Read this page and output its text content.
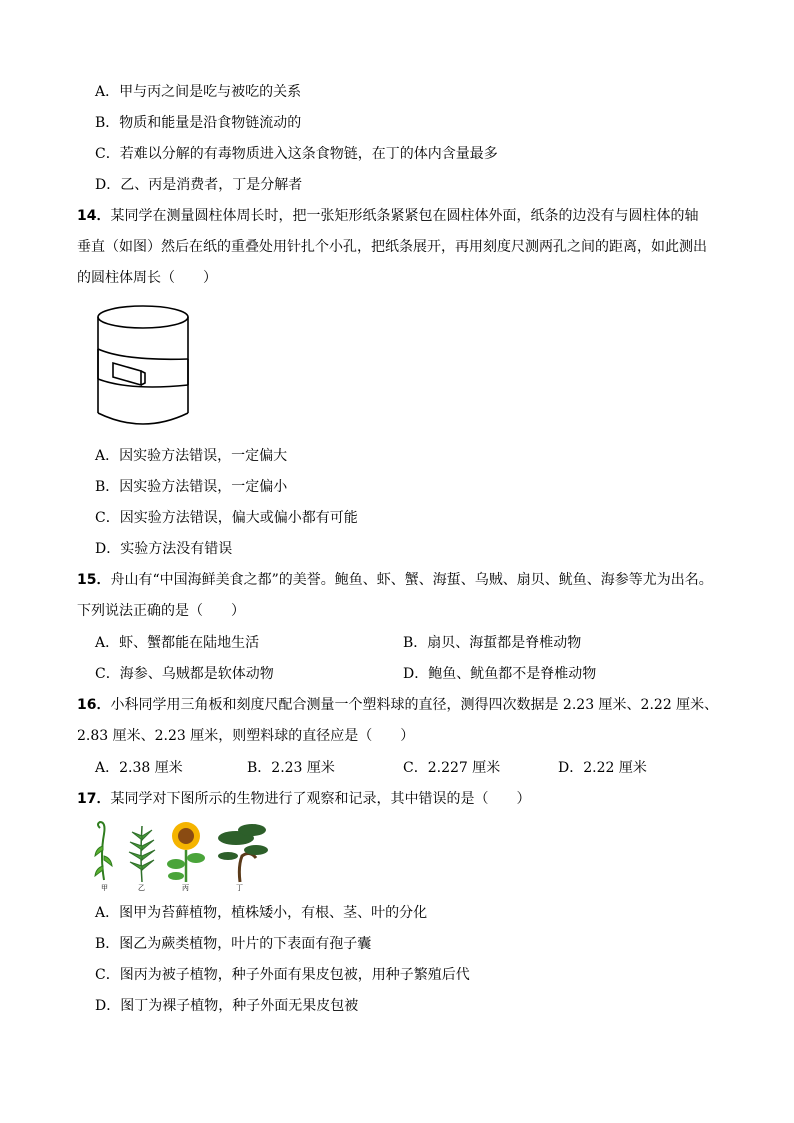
A．甲与丙之间是吃与被吃的关系
B．物质和能量是沿食物链流动的
C．若难以分解的有毒物质进入这条食物链，在丁的体内含量最多
D．乙、丙是消费者，丁是分解者
14．某同学在测量圆柱体周长时，把一张矩形纸条紧紧包在圆柱体外面，纸条的边没有与圆柱体的轴
垂直（如图）然后在纸的重叠处用针扎个小孔，把纸条展开，再用刻度尺测两孔之间的距离，如此测出
的圆柱体周长（　　）
A．因实验方法错误，一定偏大
B．因实验方法错误，一定偏小
C．因实验方法错误，偏大或偏小都有可能
D．实验方法没有错误
15．舟山有“中国海鲜美食之都”的美誉。鲍鱼、虾、蟹、海蜇、乌贼、扇贝、鱿鱼、海参等尤为出名。
下列说法正确的是（　　）
A．虾、蟹都能在陆地生活	B．扇贝、海蜇都是脊椎动物
C．海参、乌贼都是软体动物	D．鲍鱼、鱿鱼都不是脊椎动物
16．小科同学用三角板和刻度尺配合测量一个塑料球的直径，测得四次数据是 2.23 厘米、2.22 厘米、
2.83 厘米、2.23 厘米，则塑料球的直径应是（　　）
A．2.38 厘米	B．2.23 厘米	C．2.227 厘米	D．2.22 厘米
17．某同学对下图所示的生物进行了观察和记录，其中错误的是（　　）
甲	乙	丙	丁
A．图甲为苔藓植物，植株矮小，有根、茎、叶的分化
B．图乙为蕨类植物，叶片的下表面有孢子囊
C．图丙为被子植物，种子外面有果皮包被，用种子繁殖后代
D．图丁为裸子植物，种子外面无果皮包被
